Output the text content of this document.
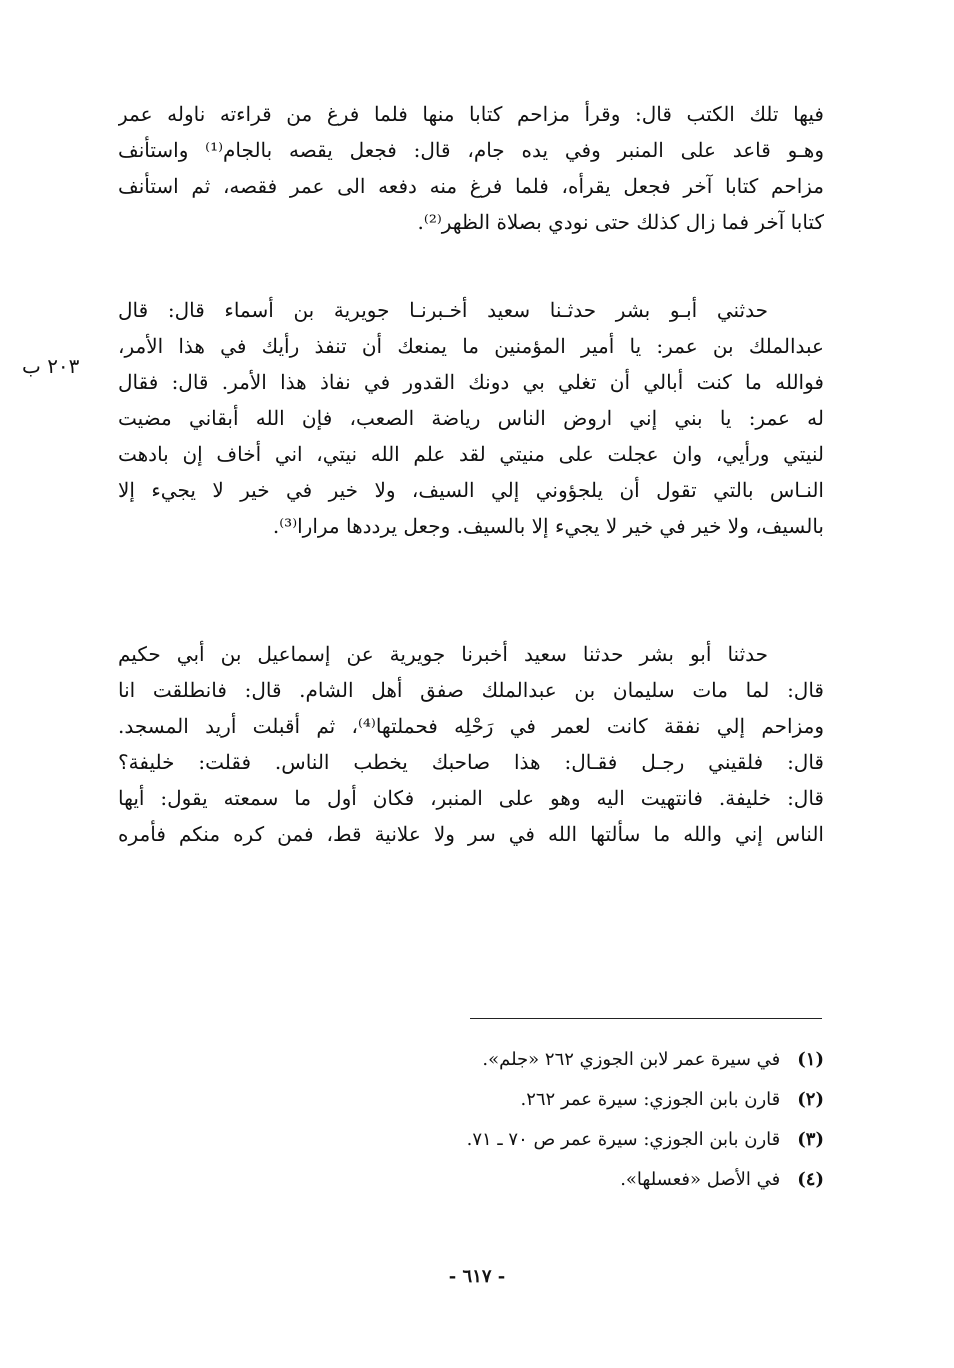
فيها تلك الكتب قال: وقرأ مزاحم كتابا منها فلما فرغ من قراءته ناوله عمر
وهـو قاعد على المنبر وفي يده جام، قال: فجعل يقصه بالجام⁽¹⁾ واستأنف
مزاحم كتابا آخر فجعل يقرأه، فلما فرغ منه دفعه الى عمر فقصه، ثم استأنف
كتابا آخر فما زال كذلك حتى نودي بصلاة الظهر⁽²⁾.
حدثني أبـو بشر حدثـنا سعيد أخـبرنـا جويرية بن أسماء قال: قال
عبدالملك بن عمر: يا أمير المؤمنين ما يمنعك أن تنفذ رأيك في هذا الأمر،
فوالله ما كنت أبالي أن تغلي بي دونك القدور في نفاذ هذا الأمر. قال: فقال
له عمر: يا بني إني اروض الناس رياضة الصعب، فإن الله أبقاني مضيت
لنيتي ورأيي، وان عجلت على منيتي لقد علم الله نيتي، اني أخاف إن بادهت
النـاس بالتي تقول أن يلجؤوني إلي السيف، ولا خير في خير لا يجيء إلا
بالسيف، ولا خير في خير لا يجيء إلا بالسيف. وجعل يرددها مرارا⁽³⁾.
٢٠٣ ب
حدثنا أبو بشر حدثنا سعيد أخبرنا جويرية عن إسماعيل بن أبي حكيم
قال: لما مات سليمان بن عبدالملك صفق أهل الشام. قال: فانطلقت انا
ومزاحم إلي نفقة كانت لعمر في رَحْلِه فحملتها⁽⁴⁾، ثم أقبلت أريد المسجد.
قال: فلقيني رجـل فقـال: هذا صاحبك يخطب الناس. فقلت: خليفة؟
قال: خليفة. فانتهيت اليه وهو على المنبر، فكان أول ما سمعته يقول: أيها
الناس إني والله ما سألتها الله في سر ولا علانية قط، فمن كره منكم فأمره
(١) في سيرة عمر لابن الجوزي ٢٦٢ «جلم».
(٢) قارن بابن الجوزي: سيرة عمر ٢٦٢.
(٣) قارن بابن الجوزي: سيرة عمر ص ٧٠ ـ ٧١.
(٤) في الأصل «فعسلها».
- ٦١٧ -
